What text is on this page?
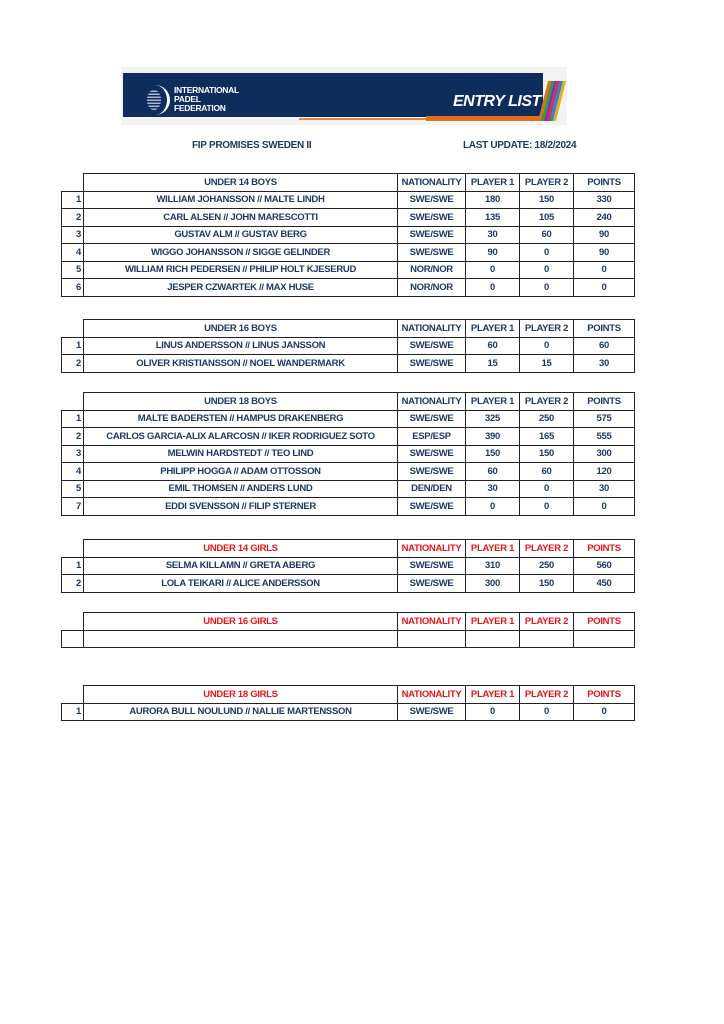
INTERNATIONAL
PADEL
FEDERATION	ENTRY LIST
FIP PROMISES SWEDEN II	LAST UPDATE: 18/2/2024
	UNDER 14 BOYS	NATIONALITY	PLAYER 1	PLAYER 2	POINTS
1	WILLIAM JOHANSSON // MALTE LINDH	SWE/SWE	180	150	330
2	CARL ALSEN // JOHN MARESCOTTI	SWE/SWE	135	105	240
3	GUSTAV ALM // GUSTAV BERG	SWE/SWE	30	60	90
4	WIGGO JOHANSSON // SIGGE GELINDER	SWE/SWE	90	0	90
5	WILLIAM RICH PEDERSEN // PHILIP HOLT KJESERUD	NOR/NOR	0	0	0
6	JESPER CZWARTEK // MAX HUSE	NOR/NOR	0	0	0
	UNDER 16 BOYS	NATIONALITY	PLAYER 1	PLAYER 2	POINTS
1	LINUS ANDERSSON // LINUS JANSSON	SWE/SWE	60	0	60
2	OLIVER KRISTIANSSON // NOEL WANDERMARK	SWE/SWE	15	15	30
	UNDER 18 BOYS	NATIONALITY	PLAYER 1	PLAYER 2	POINTS
1	MALTE BADERSTEN // HAMPUS DRAKENBERG	SWE/SWE	325	250	575
2	CARLOS GARCIA-ALIX ALARCOSN // IKER RODRIGUEZ SOTO	ESP/ESP	390	165	555
3	MELWIN HARDSTEDT // TEO LIND	SWE/SWE	150	150	300
4	PHILIPP HOGGA // ADAM OTTOSSON	SWE/SWE	60	60	120
5	EMIL THOMSEN // ANDERS LUND	DEN/DEN	30	0	30
7	EDDI SVENSSON // FILIP STERNER	SWE/SWE	0	0	0
	UNDER 14 GIRLS	NATIONALITY	PLAYER 1	PLAYER 2	POINTS
1	SELMA KILLAMN // GRETA ABERG	SWE/SWE	310	250	560
2	LOLA TEIKARI // ALICE ANDERSSON	SWE/SWE	300	150	450
	UNDER 16 GIRLS	NATIONALITY	PLAYER 1	PLAYER 2	POINTS

	UNDER 18 GIRLS	NATIONALITY	PLAYER 1	PLAYER 2	POINTS
1	AURORA BULL NOULUND // NALLIE MARTENSSON	SWE/SWE	0	0	0
